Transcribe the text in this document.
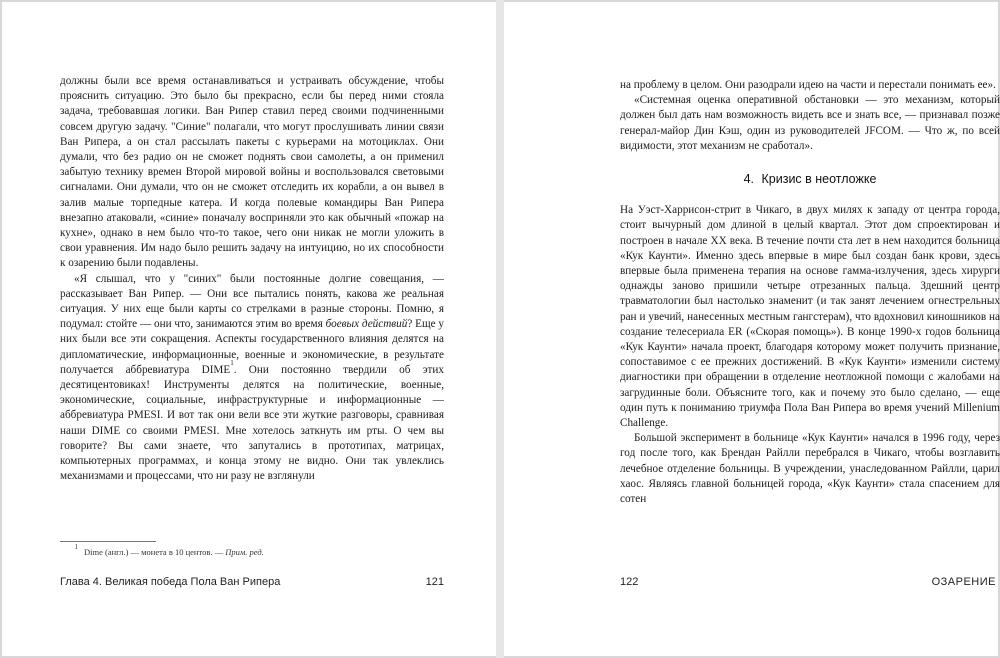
должны были все время останавливаться и устраивать обсуждение, чтобы прояснить ситуацию. Это было бы прекрасно, если бы перед ними стояла задача, требовавшая логики. Ван Рипер ставил перед своими подчиненными совсем другую задачу. "Синие" полагали, что могут прослушивать линии связи Ван Рипера, а он стал рассылать пакеты с курьерами на мотоциклах. Они думали, что без радио он не сможет поднять свои самолеты, а он применил забытую технику времен Второй мировой войны и воспользовался световыми сигналами. Они думали, что он не сможет отследить их корабли, а он вывел в залив малые торпедные катера. И когда полевые командиры Ван Рипера внезапно атаковали, «синие» поначалу восприняли это как обычный «пожар на кухне», однако в нем было что-то такое, чего они никак не могли уложить в свои уравнения. Им надо было решить задачу на интуицию, но их способности к озарению были подавлены.

«Я слышал, что у "синих" были постоянные долгие совещания, — рассказывает Ван Рипер. — Они все пытались понять, какова же реальная ситуация. У них еще были карты со стрелками в разные стороны. Помню, я подумал: стойте — они что, занимаются этим во время боевых действий? Еще у них были все эти сокращения. Аспекты государственного влияния делятся на дипломатические, информационные, военные и экономические, в результате получается аббревиатура DIME$^1$. Они постоянно твердили об этих десятицентовиках! Инструменты делятся на политические, военные, экономические, социальные, инфраструктурные и информационные — аббревиатура PMESI. И вот так они вели все эти жуткие разговоры, сравнивая наши DIME со своими PMESI. Мне хотелось заткнуть им рты. О чем вы говорите? Вы сами знаете, что запутались в прототипах, матрицах, компьютерных программах, и конца этому не видно. Они так увлеклись механизмами и процессами, что ни разу не взглянули

1 Dime (англ.) — монета в 10 центов. — Прим. ред.
Глава 4. Великая победа Пола Ван Рипера	121

на проблему в целом. Они разодрали идею на части и перестали понимать ее».

«Системная оценка оперативной обстановки — это механизм, который должен был дать нам возможность видеть все и знать все, — признавал позже генерал-майор Дин Кэш, один из руководителей JFCOM. — Что ж, по всей видимости, этот механизм не сработал».

4. Кризис в неотложке

На Уэст-Харрисон-стрит в Чикаго, в двух милях к западу от центра города, стоит вычурный дом длиной в целый квартал. Этот дом спроектирован и построен в начале XX века. В течение почти ста лет в нем находится больница «Кук Каунти». Именно здесь впервые в мире был создан банк крови, здесь впервые была применена терапия на основе гамма-излучения, здесь хирурги однажды заново пришили четыре отрезанных пальца. Здешний центр травматологии был настолько знаменит (и так занят лечением огнестрельных ран и увечий, нанесенных местным гангстерам), что вдохновил киношников на создание телесериала ER («Скорая помощь»). В конце 1990-х годов больница «Кук Каунти» начала проект, благодаря которому может получить признание, сопоставимое с ее прежних достижений. В «Кук Каунти» изменили систему диагностики при обращении в отделение неотложной помощи с жалобами на загрудинные боли. Объясните того, как и почему это было сделано, — еще один путь к пониманию триумфа Пола Ван Рипера во время учений Millenium Challenge.

Большой эксперимент в больнице «Кук Каунти» начался в 1996 году, через год после того, как Брендан Райлли перебрался в Чикаго, чтобы возглавить лечебное отделение больницы. В учреждении, унаследованном Райлли, царил хаос. Являясь главной больницей города, «Кук Каунти» стала спасением для сотен

122	ОЗАРЕНИЕ
